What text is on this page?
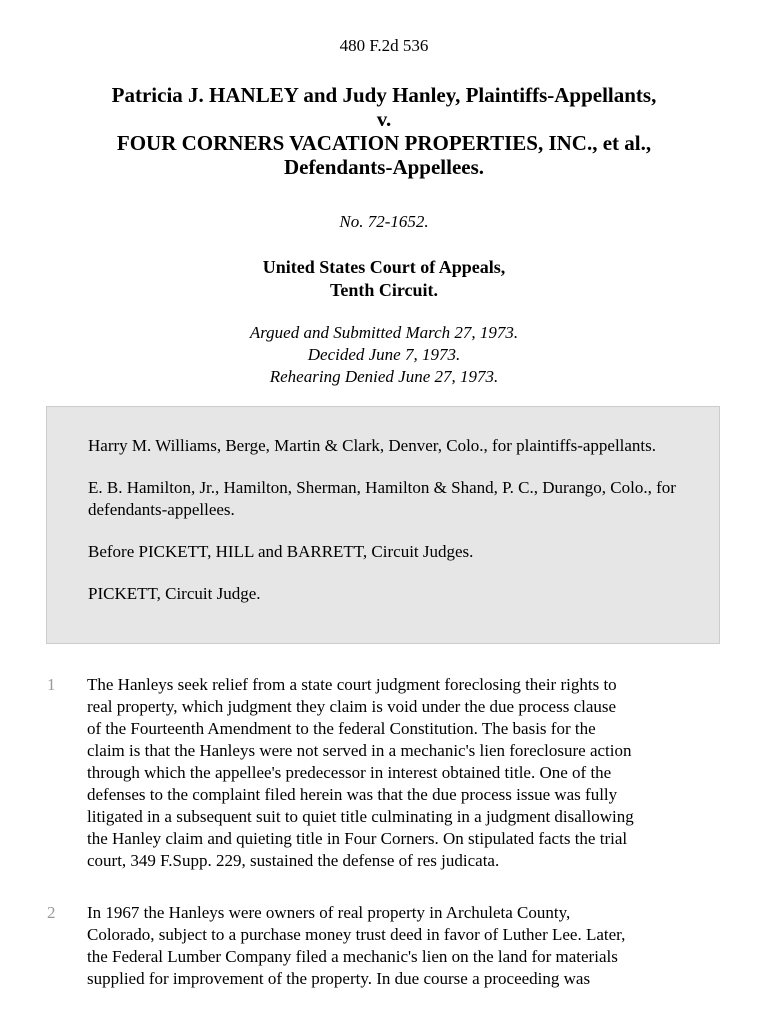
480 F.2d 536
Patricia J. HANLEY and Judy Hanley, Plaintiffs-Appellants,
v.
FOUR CORNERS VACATION PROPERTIES, INC., et al.,
Defendants-Appellees.
No. 72-1652.
United States Court of Appeals,
Tenth Circuit.
Argued and Submitted March 27, 1973.
Decided June 7, 1973.
Rehearing Denied June 27, 1973.

Harry M. Williams, Berge, Martin & Clark, Denver, Colo., for plaintiffs-appellants.

E. B. Hamilton, Jr., Hamilton, Sherman, Hamilton & Shand, P. C., Durango, Colo., for defendants-appellees.

Before PICKETT, HILL and BARRETT, Circuit Judges.

PICKETT, Circuit Judge.

1 The Hanleys seek relief from a state court judgment foreclosing their rights to
real property, which judgment they claim is void under the due process clause
of the Fourteenth Amendment to the federal Constitution. The basis for the
claim is that the Hanleys were not served in a mechanic's lien foreclosure action
through which the appellee's predecessor in interest obtained title. One of the
defenses to the complaint filed herein was that the due process issue was fully
litigated in a subsequent suit to quiet title culminating in a judgment disallowing
the Hanley claim and quieting title in Four Corners. On stipulated facts the trial
court, 349 F.Supp. 229, sustained the defense of res judicata.

2 In 1967 the Hanleys were owners of real property in Archuleta County,
Colorado, subject to a purchase money trust deed in favor of Luther Lee. Later,
the Federal Lumber Company filed a mechanic's lien on the land for materials
supplied for improvement of the property. In due course a proceeding was
